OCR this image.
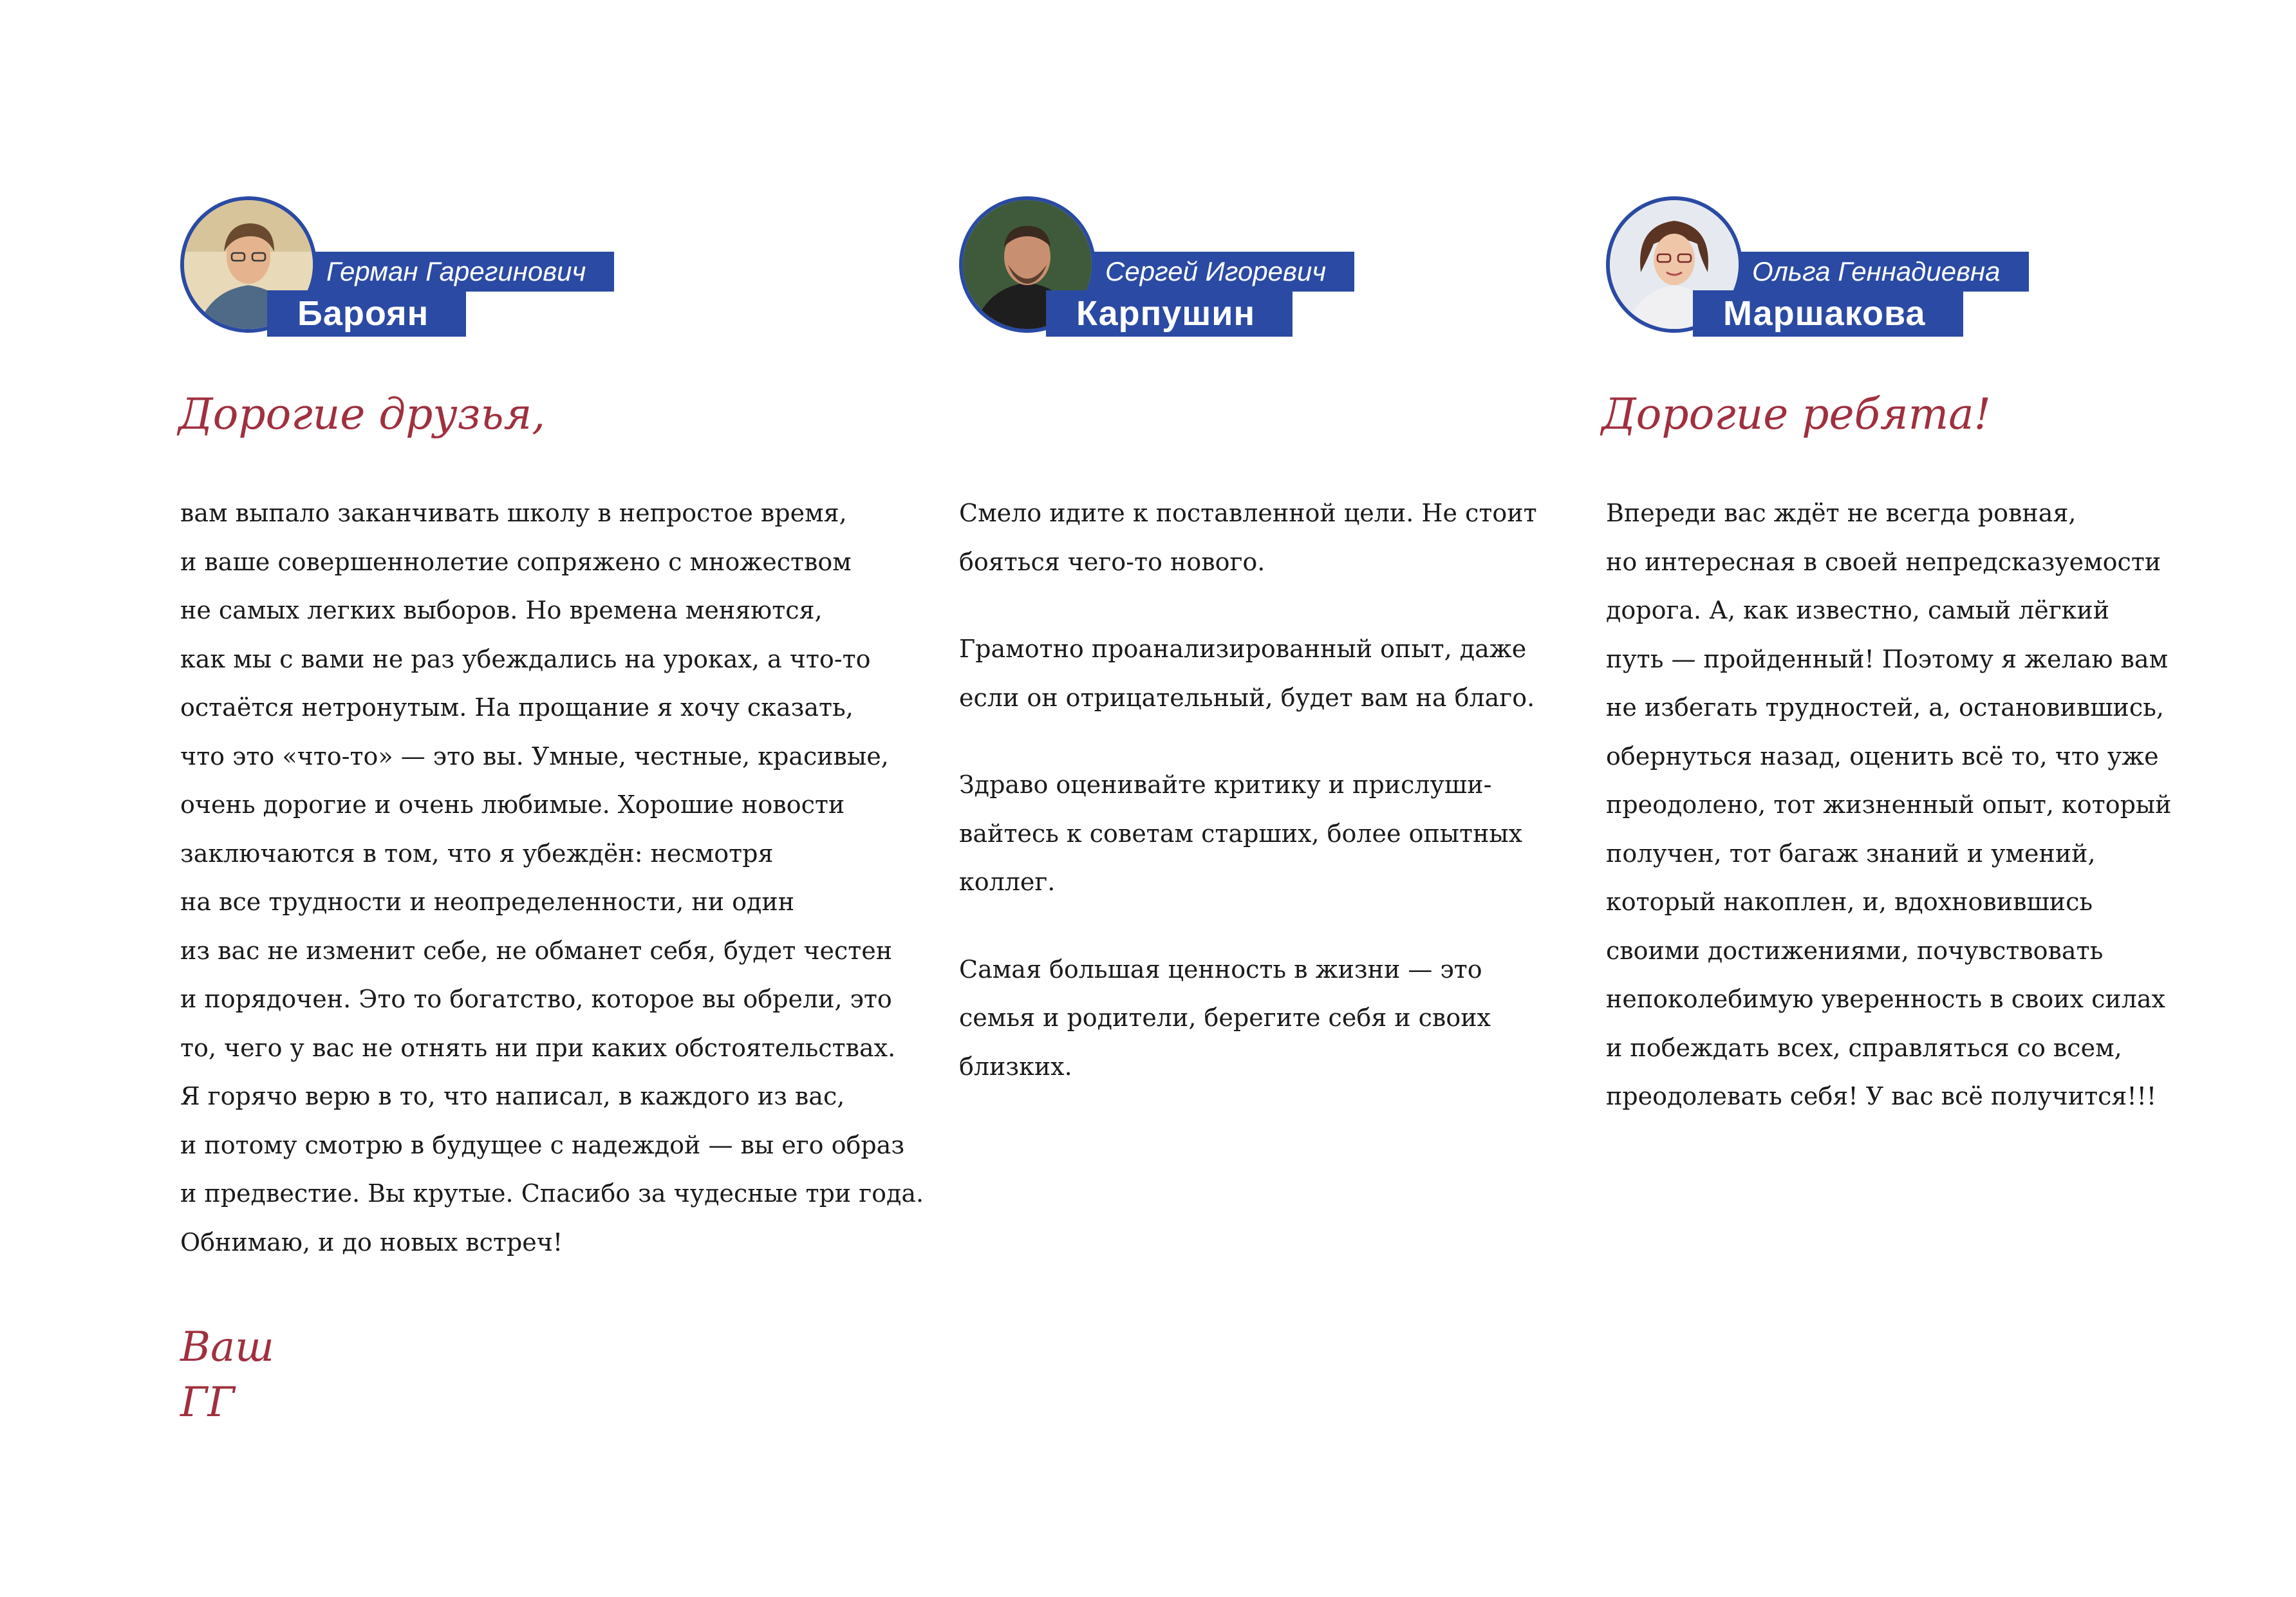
Герман Гарегинович
Бароян

Дорогие друзья,

вам выпало заканчивать школу в непростое время,
и ваше совершеннолетие сопряжено с множеством
не самых легких выборов. Но времена меняются,
как мы с вами не раз убеждались на уроках, а что-то
остаётся нетронутым. На прощание я хочу сказать,
что это «что-то» — это вы. Умные, честные, красивые,
очень дорогие и очень любимые. Хорошие новости
заключаются в том, что я убеждён: несмотря
на все трудности и неопределенности, ни один
из вас не изменит себе, не обманет себя, будет честен
и порядочен. Это то богатство, которое вы обрели, это
то, чего у вас не отнять ни при каких обстоятельствах.
Я горячо верю в то, что написал, в каждого из вас,
и потому смотрю в будущее с надеждой — вы его образ
и предвестие. Вы крутые. Спасибо за чудесные три года.
Обнимаю, и до новых встреч!
Ваш
ГГ
Сергей Игоревич
Карпушин
Смело идите к поставленной цели. Не стоит
бояться чего-то нового.
Грамотно проанализированный опыт, даже
если он отрицательный, будет вам на благо.
Здраво оценивайте критику и прислуши-
вайтесь к советам старших, более опытных
коллег.
Самая большая ценность в жизни — это
семья и родители, берегите себя и своих
близких.
Ольга Геннадиевна
Маршакова

Дорогие ребята!

Впереди вас ждёт не всегда ровная,
но интересная в своей непредсказуемости
дорога. А, как известно, самый лёгкий
путь — пройденный! Поэтому я желаю вам
не избегать трудностей, а, остановившись,
обернуться назад, оценить всё то, что уже
преодолено, тот жизненный опыт, который
получен, тот багаж знаний и умений,
который накоплен, и, вдохновившись
своими достижениями, почувствовать
непоколебимую уверенность в своих силах
и побеждать всех, справляться со всем,
преодолевать себя! У вас всё получится!!!
